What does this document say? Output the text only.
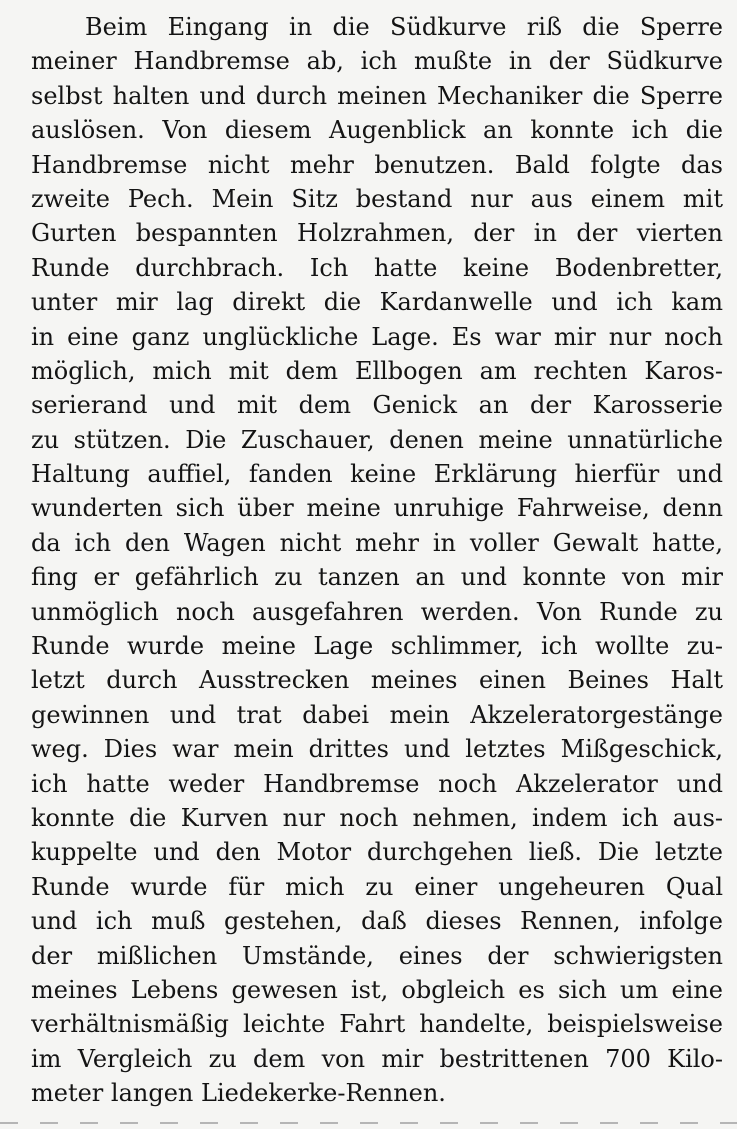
Beim Eingang in die Südkurve riß die Sperre
meiner Handbremse ab, ich mußte in der Südkurve
selbst halten und durch meinen Mechaniker die Sperre
auslösen. Von diesem Augenblick an konnte ich die
Handbremse nicht mehr benutzen. Bald folgte das
zweite Pech. Mein Sitz bestand nur aus einem mit
Gurten bespannten Holzrahmen, der in der vierten
Runde durchbrach. Ich hatte keine Bodenbretter,
unter mir lag direkt die Kardanwelle und ich kam
in eine ganz unglückliche Lage. Es war mir nur noch
möglich, mich mit dem Ellbogen am rechten Karos-
serierand und mit dem Genick an der Karosserie
zu stützen. Die Zuschauer, denen meine unnatürliche
Haltung auffiel, fanden keine Erklärung hierfür und
wunderten sich über meine unruhige Fahrweise, denn
da ich den Wagen nicht mehr in voller Gewalt hatte,
fing er gefährlich zu tanzen an und konnte von mir
unmöglich noch ausgefahren werden. Von Runde zu
Runde wurde meine Lage schlimmer, ich wollte zu-
letzt durch Ausstrecken meines einen Beines Halt
gewinnen und trat dabei mein Akzeleratorgestänge
weg. Dies war mein drittes und letztes Mißgeschick,
ich hatte weder Handbremse noch Akzelerator und
konnte die Kurven nur noch nehmen, indem ich aus-
kuppelte und den Motor durchgehen ließ. Die letzte
Runde wurde für mich zu einer ungeheuren Qual
und ich muß gestehen, daß dieses Rennen, infolge
der mißlichen Umstände, eines der schwierigsten
meines Lebens gewesen ist, obgleich es sich um eine
verhältnismäßig leichte Fahrt handelte, beispielsweise
im Vergleich zu dem von mir bestrittenen 700 Kilo-
meter langen Liedekerke-Rennen.
